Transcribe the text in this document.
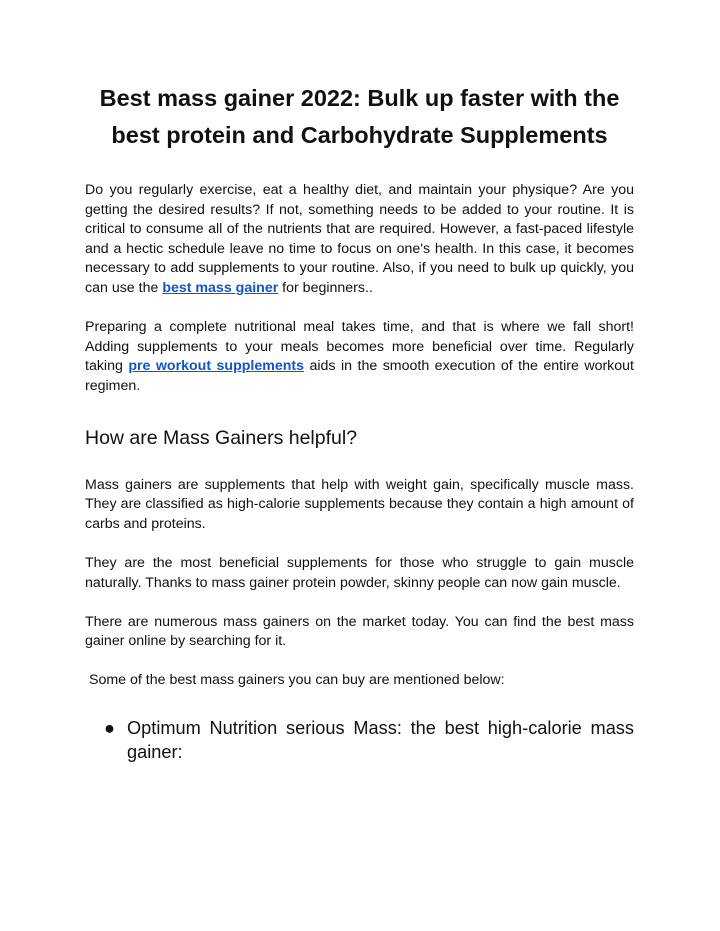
Best mass gainer 2022: Bulk up faster with the best protein and Carbohydrate Supplements

Do you regularly exercise, eat a healthy diet, and maintain your physique? Are you getting the desired results? If not, something needs to be added to your routine. It is critical to consume all of the nutrients that are required. However, a fast-paced lifestyle and a hectic schedule leave no time to focus on one's health. In this case, it becomes necessary to add supplements to your routine. Also, if you need to bulk up quickly, you can use the best mass gainer for beginners..

Preparing a complete nutritional meal takes time, and that is where we fall short! Adding supplements to your meals becomes more beneficial over time. Regularly taking pre workout supplements aids in the smooth execution of the entire workout regimen.

How are Mass Gainers helpful?

Mass gainers are supplements that help with weight gain, specifically muscle mass. They are classified as high-calorie supplements because they contain a high amount of carbs and proteins.

They are the most beneficial supplements for those who struggle to gain muscle naturally. Thanks to mass gainer protein powder, skinny people can now gain muscle.

There are numerous mass gainers on the market today. You can find the best mass gainer online by searching for it.

Some of the best mass gainers you can buy are mentioned below:

● Optimum Nutrition serious Mass: the best high-calorie mass gainer:
